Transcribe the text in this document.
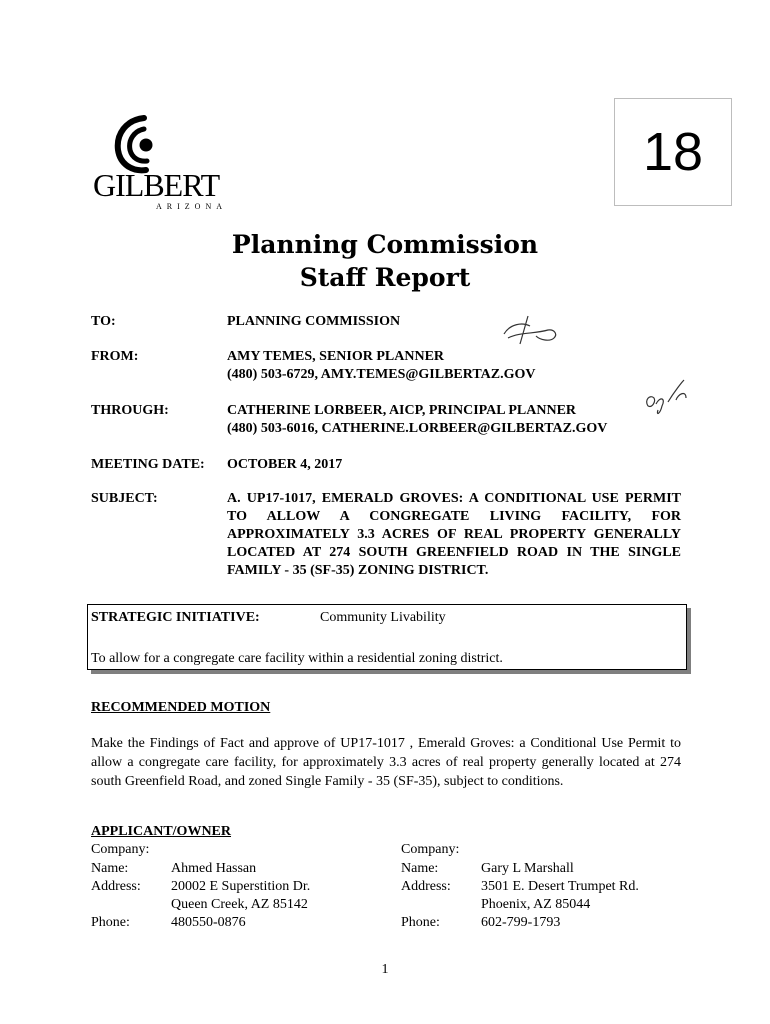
GILBERT
ARIZONA
18
Planning Commission
Staff Report
TO:	PLANNING COMMISSION
FROM:	AMY TEMES, SENIOR PLANNER
(480) 503-6729, AMY.TEMES@GILBERTAZ.GOV
THROUGH:	CATHERINE LORBEER, AICP, PRINCIPAL PLANNER
(480) 503-6016, CATHERINE.LORBEER@GILBERTAZ.GOV
MEETING DATE: OCTOBER 4, 2017
SUBJECT:	A. UP17-1017, EMERALD GROVES: A CONDITIONAL USE PERMIT TO ALLOW A CONGREGATE LIVING FACILITY, FOR APPROXIMATELY 3.3 ACRES OF REAL PROPERTY GENERALLY LOCATED AT 274 SOUTH GREENFIELD ROAD IN THE SINGLE FAMILY - 35 (SF-35) ZONING DISTRICT.
STRATEGIC INITIATIVE:	Community Livability
To allow for a congregate care facility within a residential zoning district.
RECOMMENDED MOTION
Make the Findings of Fact and approve of UP17-1017 , Emerald Groves: a Conditional Use Permit to allow a congregate care facility, for approximately 3.3 acres of real property generally located at 274 south Greenfield Road, and zoned Single Family - 35 (SF-35), subject to conditions.
APPLICANT/OWNER
Company:
Name:	Ahmed Hassan
Address: 20002 E Superstition Dr.
Queen Creek, AZ 85142
Phone:	480550-0876
Company:
Name:	Gary L Marshall
Address: 3501 E. Desert Trumpet Rd.
Phoenix, AZ 85044
Phone:	602-799-1793
1
